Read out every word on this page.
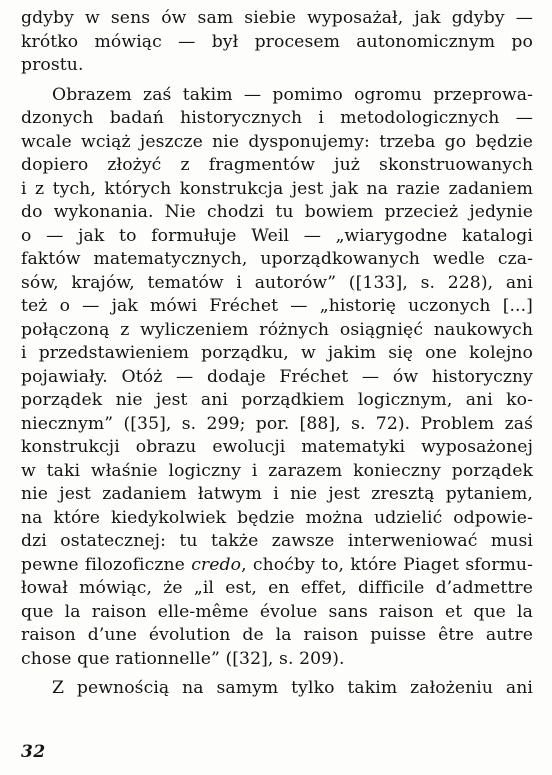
gdyby w sens ów sam siebie wyposażał, jak gdyby —
krótko mówiąc — był procesem autonomicznym po
prostu.
Obrazem zaś takim — pomimo ogromu przeprowa-
dzonych badań historycznych i metodologicznych —
wcale wciąż jeszcze nie dysponujemy: trzeba go będzie
dopiero złożyć z fragmentów już skonstruowanych
i z tych, których konstrukcja jest jak na razie zadaniem
do wykonania. Nie chodzi tu bowiem przecież jedynie
o — jak to formułuje Weil — „wiarygodne katalogi
faktów matematycznych, uporządkowanych wedle cza-
sów, krajów, tematów i autorów” ([133], s. 228), ani
też o — jak mówi Fréchet — „historię uczonych [...]
połączoną z wyliczeniem różnych osiągnięć naukowych
i przedstawieniem porządku, w jakim się one kolejno
pojawiały. Otóż — dodaje Fréchet — ów historyczny
porządek nie jest ani porządkiem logicznym, ani ko-
niecznym” ([35], s. 299; por. [88], s. 72). Problem zaś
konstrukcji obrazu ewolucji matematyki wyposażonej
w taki właśnie logiczny i zarazem konieczny porządek
nie jest zadaniem łatwym i nie jest zresztą pytaniem,
na które kiedykolwiek będzie można udzielić odpowie-
dzi ostatecznej: tu także zawsze interweniować musi
pewne filozoficzne credo, choćby to, które Piaget sformu-
łował mówiąc, że „il est, en effet, difficile d’admettre
que la raison elle-même évolue sans raison et que la
raison d’une évolution de la raison puisse être autre
chose que rationnelle” ([32], s. 209).
Z pewnością na samym tylko takim założeniu ani
32
